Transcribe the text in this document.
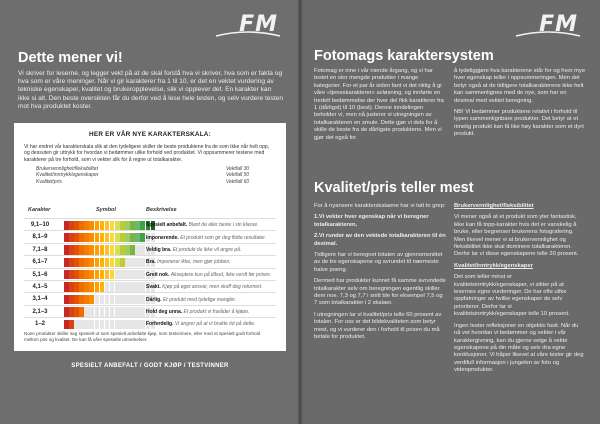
FM
Dette mener vi!
Vi skriver for leserne, og legger vekt på at de skal forstå hva vi skriver, hva som er fakta og hva som er våre meninger. Når vi gir karakterer fra 1 til 10, er det en vektet vurdering av tekniske egenskaper, kvalitet og brukeropplevelse, slik vi opplever det. En karakter kan ikke si alt. Den beste oversikten får du derfor ved å lese hele testen, og selv vurdere testen mot hva produktet koster.
HER ER VÅR NYE KARAKTERSKALA:
Vi har endret vår karakterskala slik at den tydeligere skiller de beste produktene fra de som ikke når helt opp, og dessuten gir uttrykk for hvordan vi bedømmer ulike forhold ved produktet. Vi oppsummerer testene med karakterer på tre forhold, som vi vekter slik for å regne ut totalkarakter.
Brukervennlighet/fleksibilitet	Vektfall 30
Kvalitet/inntrykk/egenskaper	Vektfall 50
Kvalitet/pris	Vektfall 60
Karakter	Symbol	Beskrivelse
9,1–10	Spesielt anbefalt. Blant de aller beste i sin klasse.
8,1–9	Imponerende. Et produkt som gir deg flotte resultater.
7,1–8	Veldig bra. Et produkt du ikke vil angre på.
6,1–7	Bra. Imponerer ikke, men gjør jobben.
5,1–6	Greit nok. Akseptere kun på tilbud, ikke verdt før prisen.
4,1–5	Svakt. Kjøp på eget ansvar, men skuff deg returnert.
3,1–4	Dårlig. Et produkt med tydelige mangler.
2,1–3	Hold deg unna. Et produkt vi fraråder å kjøpe.
1–2	Forferdelig. Vi angrer på at vi brukte tid på dette.
Noen produkter skiller seg spesielt ut som spesielt anbefalte kjøp, som testvinnere, eller med et spesielt godt forhold mellom pris og kvalitet. De kan få våre spesielle utmerkelser.
SPESIELT ANBEFALT / GODT KJØP / TESTVINNER
FM
Fotomags karaktersystem

Fotomag er inne i vår niende årgang, og vi har testet en stor mengde produkter i mange kategorier. For et par år siden fant vi det riktig å gi våre «tjeneskarakterer» avløsning, og innførte en tredelt bedømmelse der hver del fikk karakterer fra 1 (dårligst) til 10 (best). Denne inndelingen beholder vi, men nå justerer vi utregningen av totalkarakteren en smule. Dette gjør vi dels for å skille de beste fra de dårligste produktene. Men vi gjør det også for

å tydeliggjøre hva karakterene står for og hvor mye hver egenskap teller i oppsummeringen. Men det betyr også at de tidligere totalkarakterene ikke helt kan sammenlignes med de nye, som har en desimal med vektet beregning.

NB! Vi bedømmer produktene relativt i forhold til typen sammenlignbare produkter. Det betyr at et rimelig produkt kan få like høy karakter som et dyrt produkt.

Kvalitet/pris teller mest

For å nyansere karakterskalaene har vi tatt to grep:

1.Vi vekter hver egenskap når vi beregner totalkarakteren.

2.Vi runder av den vektede totalkarakteren til én desimal.

Tidligere har vi beregnet totalen av gjennomsnittet av de tre egenskapene og avrundet til nærmeste halve poeng.

Dermed har produkter kunnet få samme avrundede totalkarakter selv om beregningen egentlig skiller dem noe. 7,3 og 7,7 i snitt ble for eksempel 7,5 og 7 som totalkarakter i 2 skalaer.

I utregningen lar vi kvalitet/pris telle 60 prosent av totalen. For oss er det bildekvaliteten som betyr mest, og vi vurderer den i forhold til prisen du må betale for produktet.

Brukervennlighet/fleksibilitet

Vi mener også at et produkt som yter fantastisk, ikke kan få topp-karakter hvis det er vanskelig å bruke, eller begrenser brukerens fotografering. Men likevel mener vi at brukervennlighet og fleksibilitet ikke skal dominere totalkarakteren. Derfor lar vi disse egenskapene telle 20 prosent.

Kvalitet/inntrykk/egenskaper

Det som teller minst er kvalitetsinntrykk/egenskaper, vi sikter på at lesernes egne vurderinger. De har ofte ulike oppfatninger av hvilke egenskaper de selv prioriterer. Derfor lar vi kvalitetsinntrykk/egenskaper telle 10 prosent.

Ingen tester refleksjoner en objektiv fasit. Når du nå vet hvordan vi bedømmer og vekter i vår karaktergivning, kan du gjerne velge å vekte egenskapene på din måte og selv dra egne konklusjoner. Vi håper likevel at våre tester gir deg verdifull informasjon i jungelen av foto og videoprodukter.
